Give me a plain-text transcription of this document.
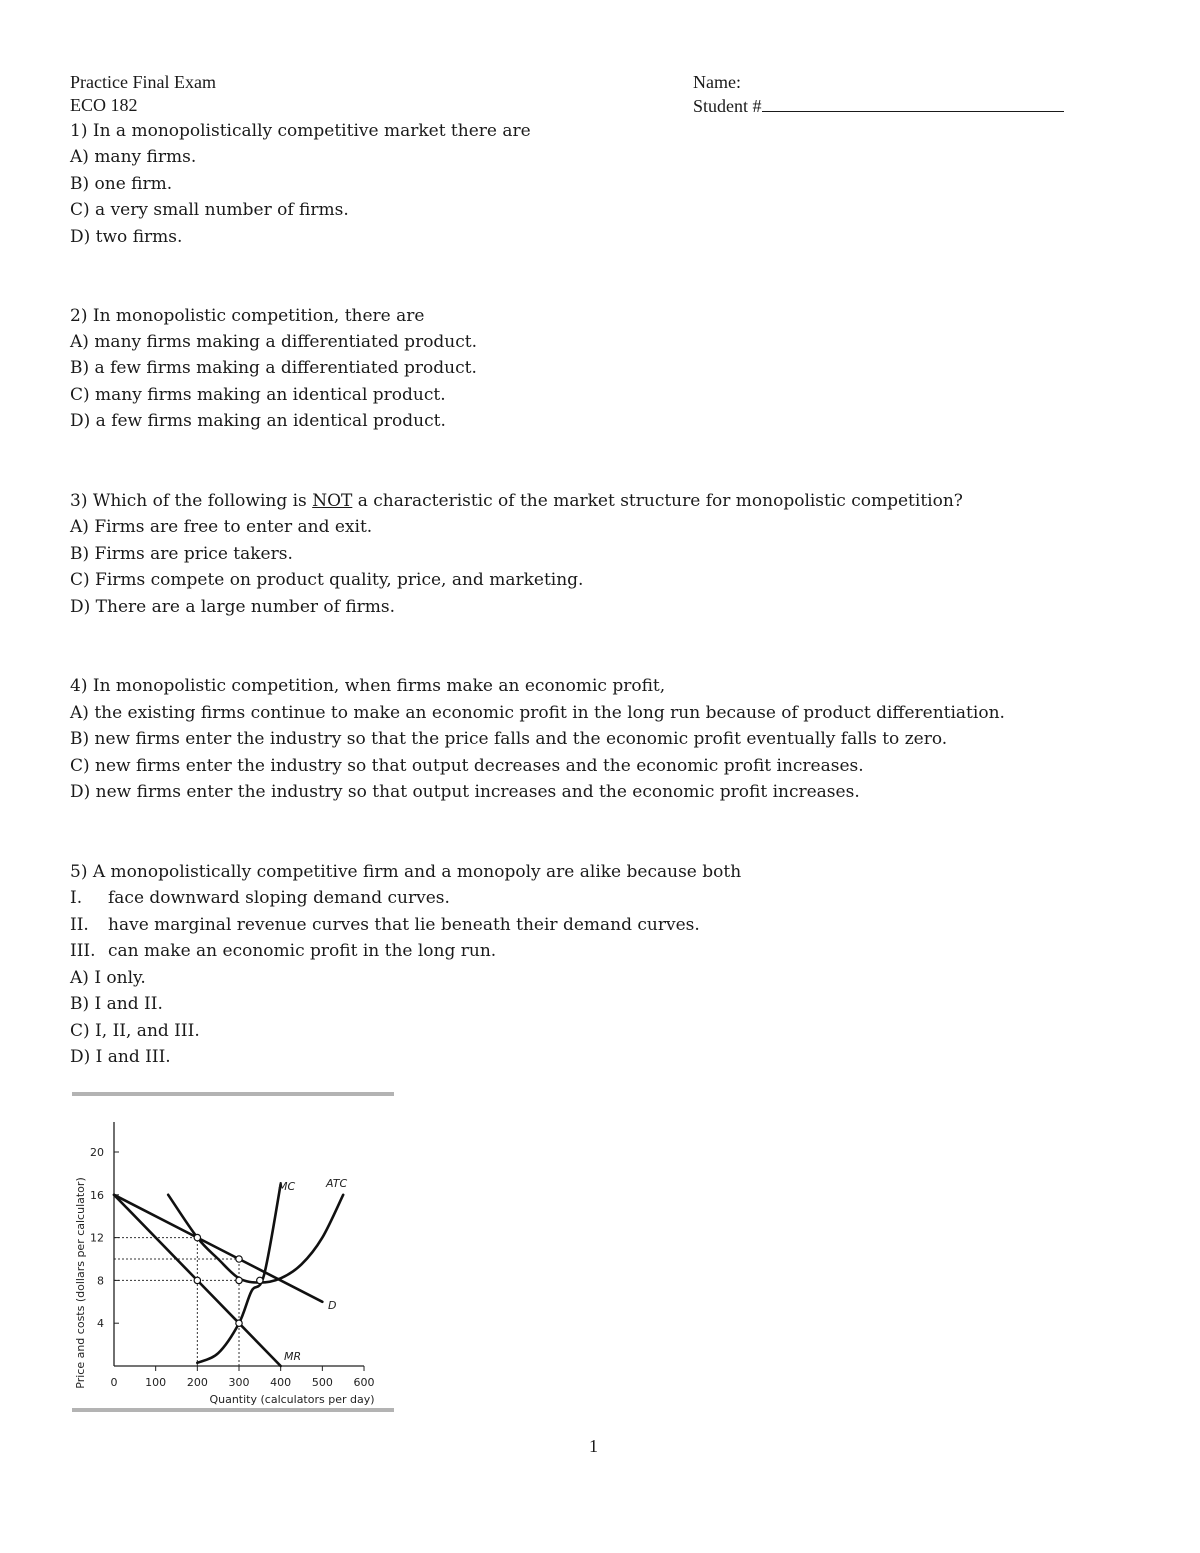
Practice Final Exam
ECO 182
Name:
Student #
1) In a monopolistically competitive market there are
A) many firms.
B) one firm.
C) a very small number of firms.
D) two firms.
2) In monopolistic competition, there are
A) many firms making a differentiated product.
B) a few firms making a differentiated product.
C) many firms making an identical product.
D) a few firms making an identical product.
3) Which of the following is NOT a characteristic of the market structure for monopolistic competition?
A) Firms are free to enter and exit.
B) Firms are price takers.
C) Firms compete on product quality, price, and marketing.
D) There are a large number of firms.
4) In monopolistic competition, when firms make an economic profit,
A) the existing firms continue to make an economic profit in the long run because of product differentiation.
B) new firms enter the industry so that the price falls and the economic profit eventually falls to zero.
C) new firms enter the industry so that output decreases and the economic profit increases.
D) new firms enter the industry so that output increases and the economic profit increases.
5) A monopolistically competitive firm and a monopoly are alike because both
I. face downward sloping demand curves.
II. have marginal revenue curves that lie beneath their demand curves.
III. can make an economic profit in the long run.
A) I only.
B) I and II.
C) I, II, and III.
D) I and III.
0	100 200 300 400 500 600
4
8
12
16
20
Price and costs (dollars per calculator)
Quantity (calculators per day)
MC	ATC
D
MR
1
